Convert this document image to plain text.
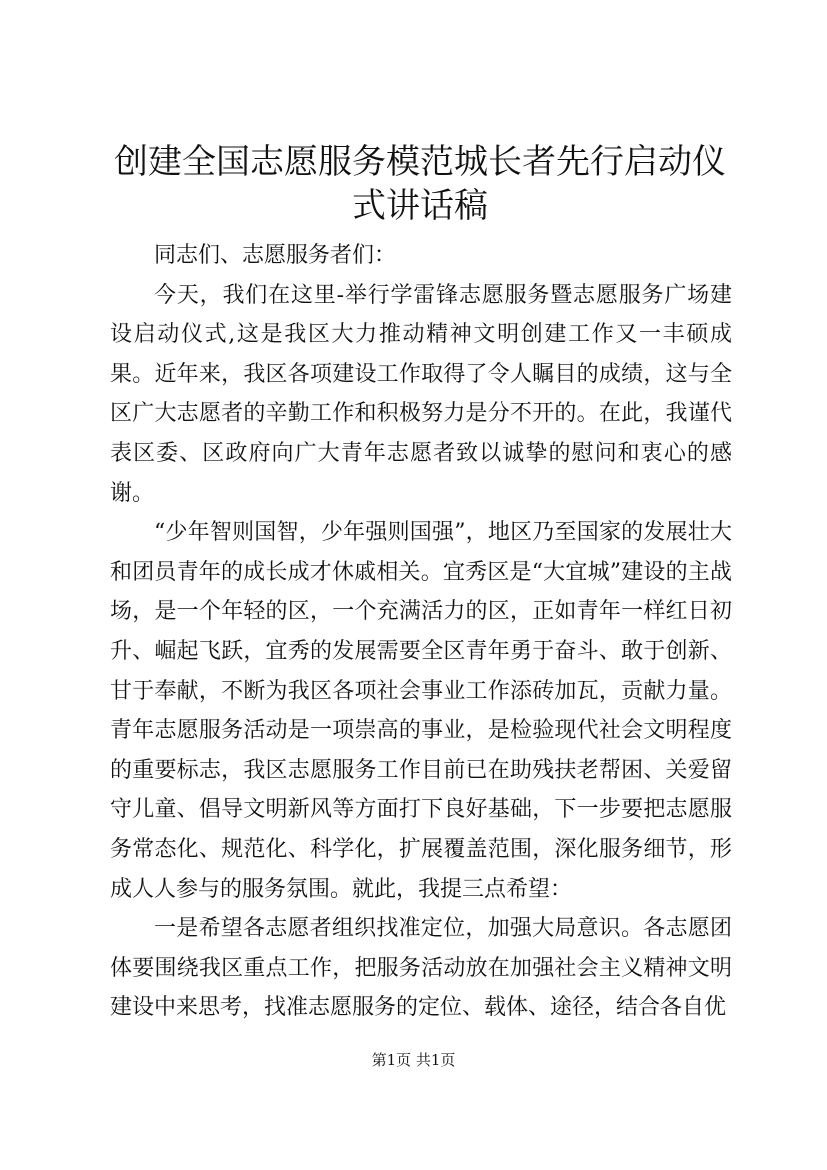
创建全国志愿服务模范城长者先行启动仪式讲话稿

同志们、志愿服务者们：

今天，我们在这里-举行学雷锋志愿服务暨志愿服务广场建设启动仪式,这是我区大力推动精神文明创建工作又一丰硕成果。近年来，我区各项建设工作取得了令人瞩目的成绩，这与全区广大志愿者的辛勤工作和积极努力是分不开的。在此，我谨代表区委、区政府向广大青年志愿者致以诚挚的慰问和衷心的感谢。

“少年智则国智，少年强则国强”，地区乃至国家的发展壮大和团员青年的成长成才休戚相关。宜秀区是“大宜城”建设的主战场，是一个年轻的区，一个充满活力的区，正如青年一样红日初升、崛起飞跃，宜秀的发展需要全区青年勇于奋斗、敢于创新、甘于奉献，不断为我区各项社会事业工作添砖加瓦，贡献力量。青年志愿服务活动是一项崇高的事业，是检验现代社会文明程度的重要标志，我区志愿服务工作目前已在助残扶老帮困、关爱留守儿童、倡导文明新风等方面打下良好基础，下一步要把志愿服务常态化、规范化、科学化，扩展覆盖范围，深化服务细节，形成人人参与的服务氛围。就此，我提三点希望：

一是希望各志愿者组织找准定位，加强大局意识。各志愿团体要围绕我区重点工作，把服务活动放在加强社会主义精神文明建设中来思考，找准志愿服务的定位、载体、途径，结合各自优

第1页 共1页
